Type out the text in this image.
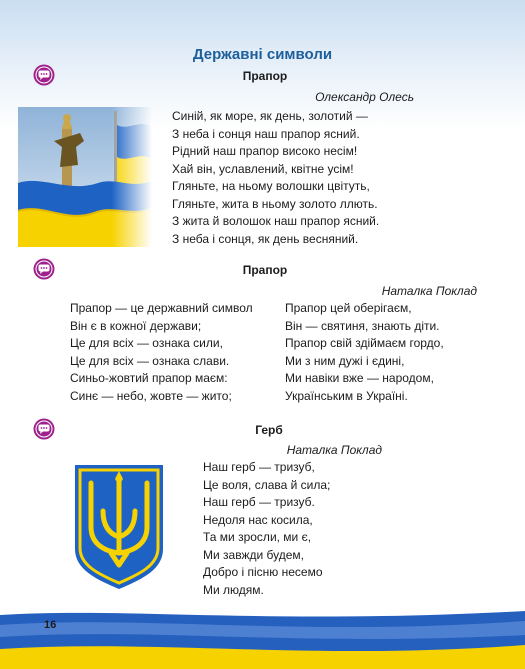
Державні символи
Прапор
Олександр Олесь
Синій, як море, як день, золотий —
З неба і сонця наш прапор ясний.
Рідний наш прапор високо несім!
Хай він, уславлений, квітне усім!
Гляньте, на ньому волошки цвітуть,
Гляньте, жита в ньому золото ллють.
З жита й волошок наш прапор ясний.
З неба і сонця, як день весняний.
Прапор
Наталка Поклад
Прапор — це державний символ
Він є в кожної держави;
Це для всіх — ознака сили,
Це для всіх — ознака слави.
Синьо-жовтий прапор маєм:
Синє — небо, жовте — жито;
Прапор цей оберігаєм,
Він — святиня, знають діти.
Прапор свій здіймаєм гордо,
Ми з ним дужі і єдині,
Ми навіки вже — народом,
Українським в Україні.
Герб
Наталка Поклад
Наш герб — тризуб,
Це воля, слава й сила;
Наш герб — тризуб.
Недоля нас косила,
Та ми зросли, ми є,
Ми завжди будем,
Добро і пісню несемо
Ми людям.
16
